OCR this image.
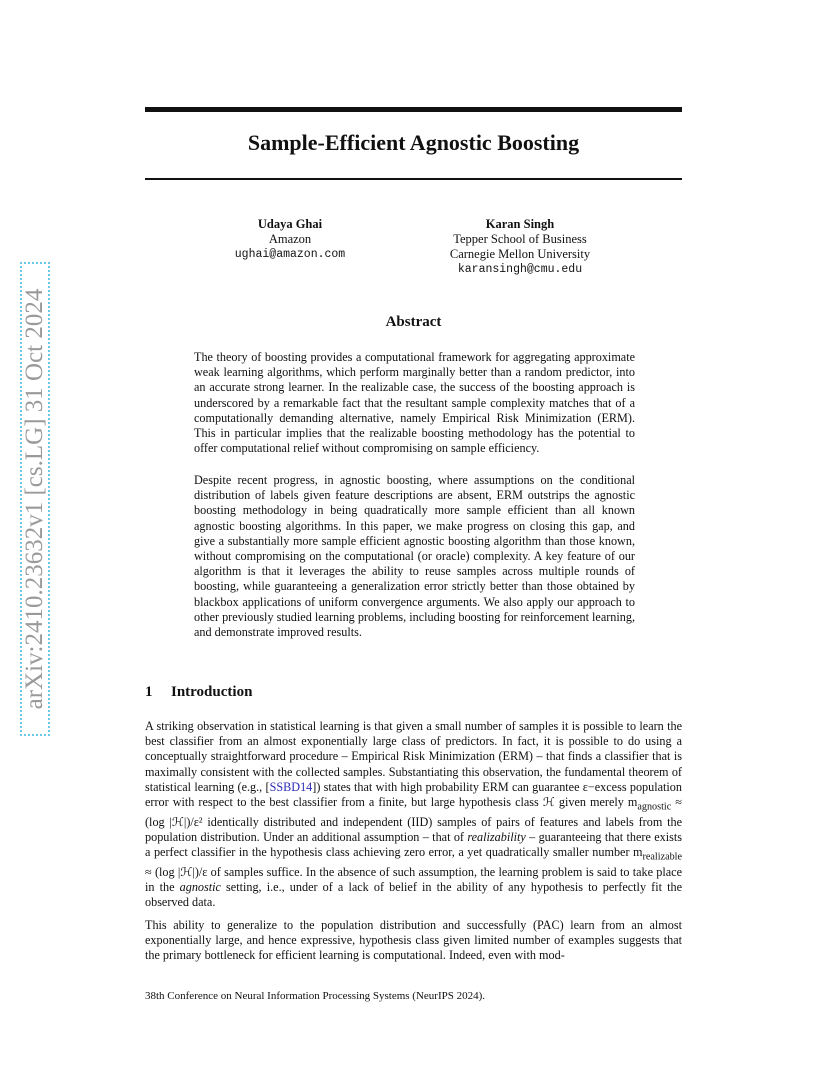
arXiv:2410.23632v1 [cs.LG] 31 Oct 2024
Sample-Efficient Agnostic Boosting
Udaya Ghai
Amazon
ughai@amazon.com
Karan Singh
Tepper School of Business
Carnegie Mellon University
karansingh@cmu.edu
Abstract

The theory of boosting provides a computational framework for aggregating approximate weak learning algorithms, which perform marginally better than a random predictor, into an accurate strong learner. In the realizable case, the success of the boosting approach is underscored by a remarkable fact that the resultant sample complexity matches that of a computationally demanding alternative, namely Empirical Risk Minimization (ERM). This in particular implies that the realizable boosting methodology has the potential to offer computational relief without compromising on sample efficiency.

Despite recent progress, in agnostic boosting, where assumptions on the conditional distribution of labels given feature descriptions are absent, ERM outstrips the agnostic boosting methodology in being quadratically more sample efficient than all known agnostic boosting algorithms. In this paper, we make progress on closing this gap, and give a substantially more sample efficient agnostic boosting algorithm than those known, without compromising on the computational (or oracle) complexity. A key feature of our algorithm is that it leverages the ability to reuse samples across multiple rounds of boosting, while guaranteeing a generalization error strictly better than those obtained by blackbox applications of uniform convergence arguments. We also apply our approach to other previously studied learning problems, including boosting for reinforcement learning, and demonstrate improved results.

1 Introduction

A striking observation in statistical learning is that given a small number of samples it is possible to learn the best classifier from an almost exponentially large class of predictors. In fact, it is possible to do using a conceptually straightforward procedure – Empirical Risk Minimization (ERM) – that finds a classifier that is maximally consistent with the collected samples. Substantiating this observation, the fundamental theorem of statistical learning (e.g., [SSBD14]) states that with high probability ERM can guarantee ε−excess population error with respect to the best classifier from a finite, but large hypothesis class ℋ given merely $m_{agnostic} \approx (\log$ |ℋ|)/ε² identically distributed and independent (IID) samples of pairs of features and labels from the population distribution. Under an additional assumption – that of realizability – guaranteeing that there exists a perfect classifier in the hypothesis class achieving zero error, a yet quadratically smaller number $m_{realizable} \approx (\log$ |ℋ|)/ε of samples suffice. In the absence of such assumption, the learning problem is said to take place in the agnostic setting, i.e., under of a lack of belief in the ability of any hypothesis to perfectly fit the observed data.

This ability to generalize to the population distribution and successfully (PAC) learn from an almost exponentially large, and hence expressive, hypothesis class given limited number of examples suggests that the primary bottleneck for efficient learning is computational. Indeed, even with mod-

38th Conference on Neural Information Processing Systems (NeurIPS 2024).
